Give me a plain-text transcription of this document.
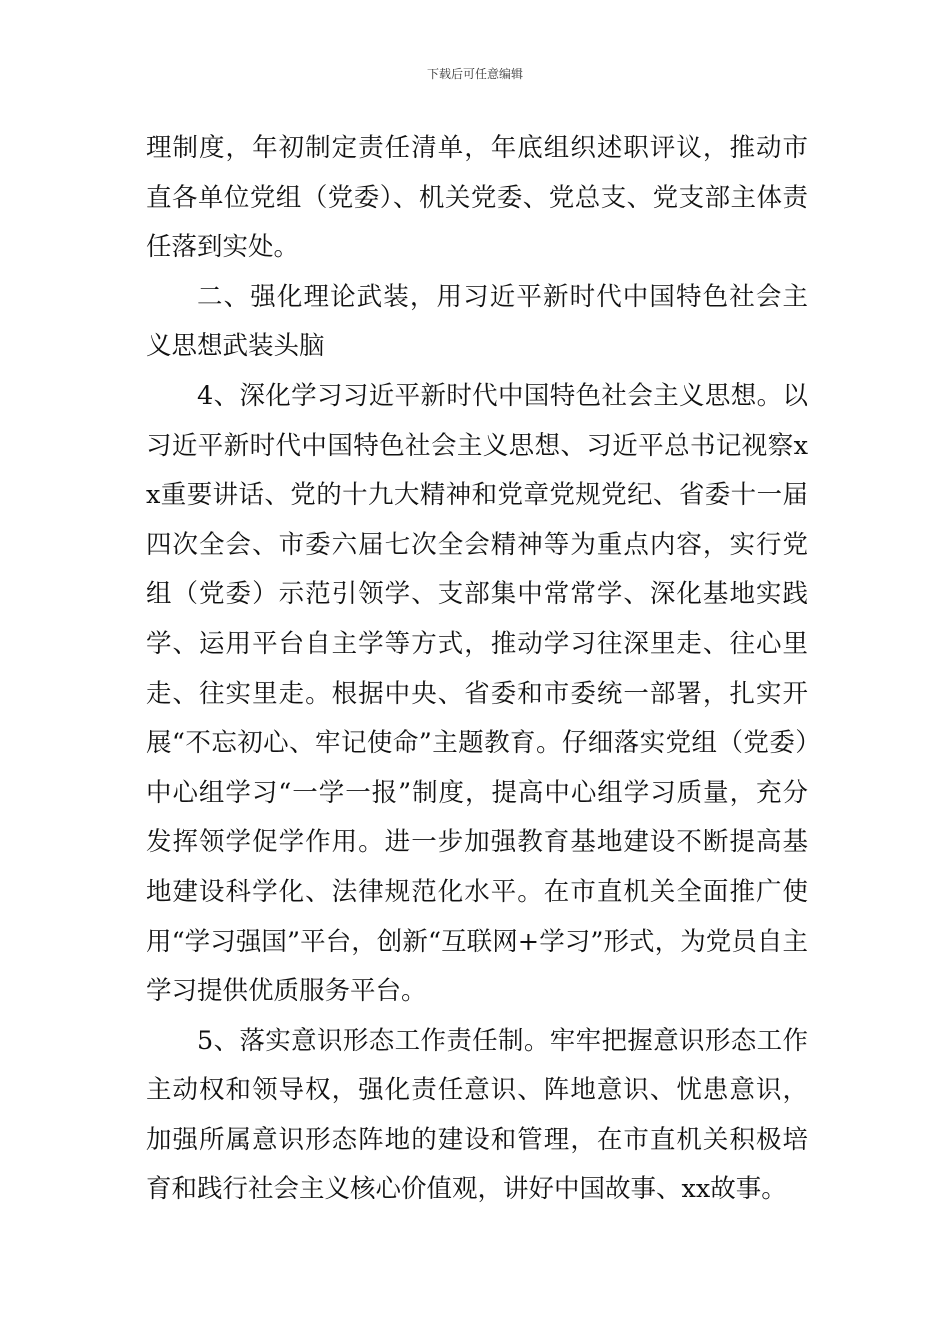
下载后可任意编辑

理制度，年初制定责任清单，年底组织述职评议，推动市直各单位党组（党委）、机关党委、党总支、党支部主体责任落到实处。

二、强化理论武装，用习近平新时代中国特色社会主义思想武装头脑

4、深化学习习近平新时代中国特色社会主义思想。以习近平新时代中国特色社会主义思想、习近平总书记视察xx重要讲话、党的十九大精神和党章党规党纪、省委十一届四次全会、市委六届七次全会精神等为重点内容，实行党组（党委）示范引领学、支部集中常常学、深化基地实践学、运用平台自主学等方式，推动学习往深里走、往心里走、往实里走。根据中央、省委和市委统一部署，扎实开展“不忘初心、牢记使命”主题教育。仔细落实党组（党委）中心组学习“一学一报”制度，提高中心组学习质量，充分发挥领学促学作用。进一步加强教育基地建设不断提高基地建设科学化、法律规范化水平。在市直机关全面推广使用“学习强国”平台，创新“互联网+学习”形式，为党员自主学习提供优质服务平台。

5、落实意识形态工作责任制。牢牢把握意识形态工作主动权和领导权，强化责任意识、阵地意识、忧患意识，加强所属意识形态阵地的建设和管理，在市直机关积极培育和践行社会主义核心价值观，讲好中国故事、xx故事。
